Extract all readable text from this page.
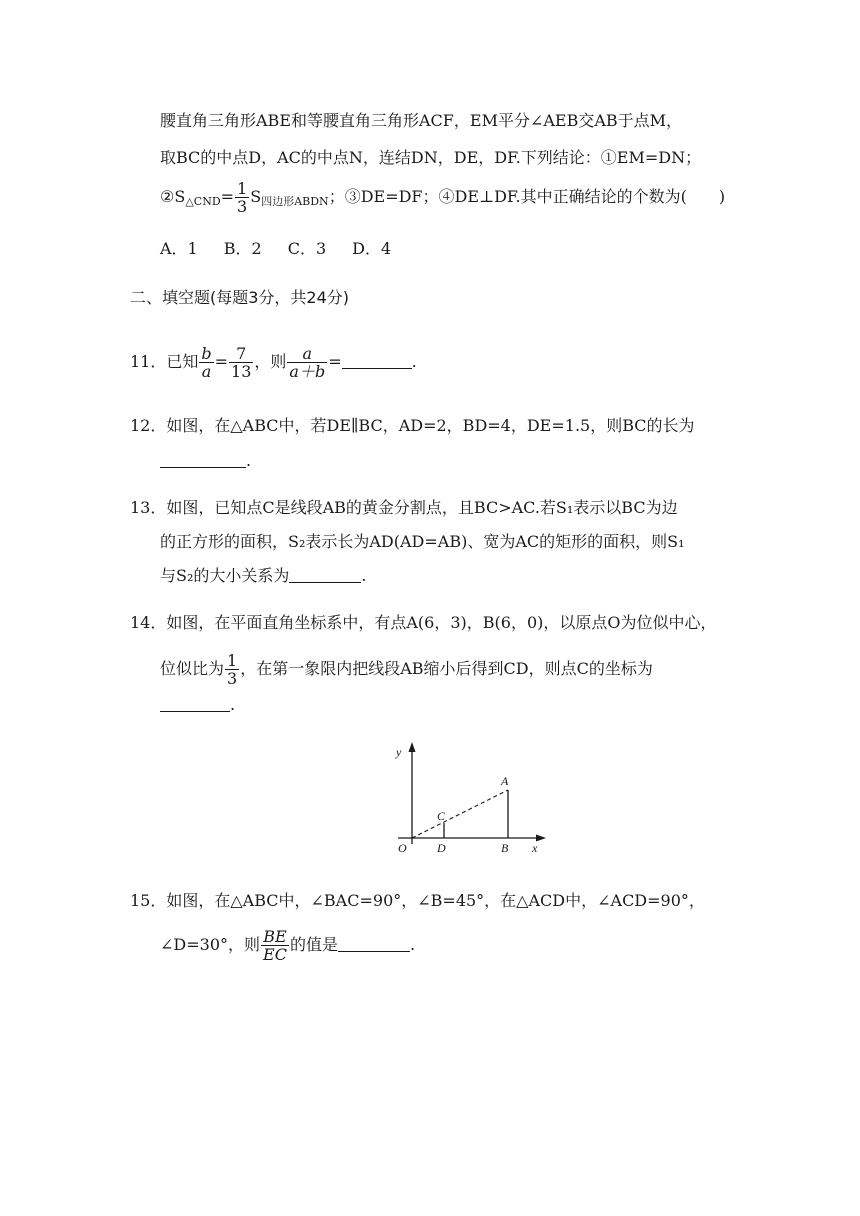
腰直角三角形ABE和等腰直角三角形ACF，EM平分∠AEB交AB于点M，
取BC的中点D，AC的中点N，连结DN，DE，DF.下列结论：①EM=DN；
$②S_{\triangle CND}= \frac{1}{3} S_{四边形ABDN}$；③DE=DF；④DE⊥DF.其中正确结论的个数为(　　)
A．1 B．2 C．3 D．4
二、填空题(每题3分，共24分)
11．已知 $\frac{b}{a} = \frac{7}{13}$ ，则 $\frac{a}{a+b}$ =	.
12．如图，在△ABC中，若DE∥BC，AD=2，BD=4，DE=1.5，则BC的长为
.
13．如图，已知点C是线段AB的黄金分割点，且BC>AC.若S₁表示以BC为边
的正方形的面积，S₂表示长为AD(AD=AB)、宽为AC的矩形的面积，则S₁
与S₂的大小关系为	.
14．如图，在平面直角坐标系中，有点A(6，3)，B(6，0)，以原点O为位似中心，
位似比为 $\frac{1}{3}$ ，在第一象限内把线段AB缩小后得到CD，则点C的坐标为
.
y
x
O
A
B
C
D
15．如图，在△ABC中，∠BAC=90°，∠B=45°，在△ACD中，∠ACD=90°，
∠D=30°，则 $\frac{BE}{EC}$ 的值是	.
